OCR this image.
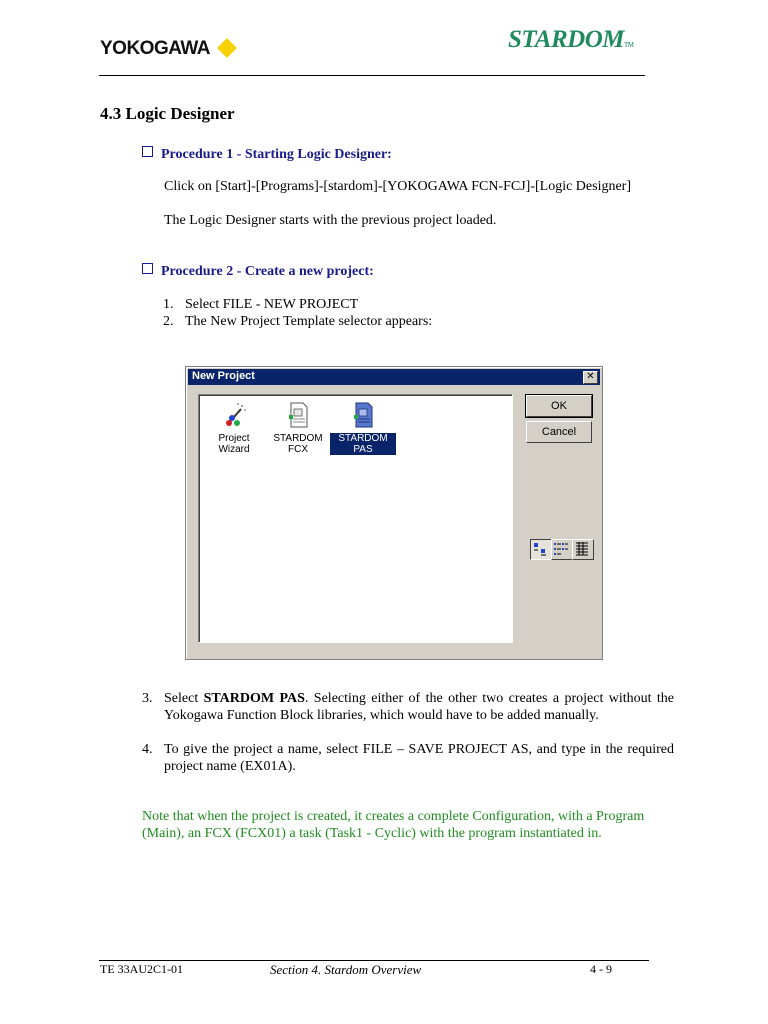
YOKOGAWA	STARDOMTM
4.3 Logic Designer
Procedure 1 - Starting Logic Designer:
Click on [Start]-[Programs]-[stardom]-[YOKOGAWA FCN-FCJ]-[Logic Designer]
The Logic Designer starts with the previous project loaded.
Procedure 2 - Create a new project:
1. Select FILE - NEW PROJECT
2. The New Project Template selector appears:
New Project	✕
Project Wizard
STARDOM FCX
STARDOM PAS
OK
Cancel
3. Select STARDOM PAS. Selecting either of the other two creates a project without the Yokogawa Function Block libraries, which would have to be added manually.
4. To give the project a name, select FILE – SAVE PROJECT AS, and type in the required project name (EX01A).
Note that when the project is created, it creates a complete Configuration, with a Program (Main), an FCX (FCX01) a task (Task1 - Cyclic) with the program instantiated in.
TE 33AU2C1-01	Section 4. Stardom Overview	4 - 9
